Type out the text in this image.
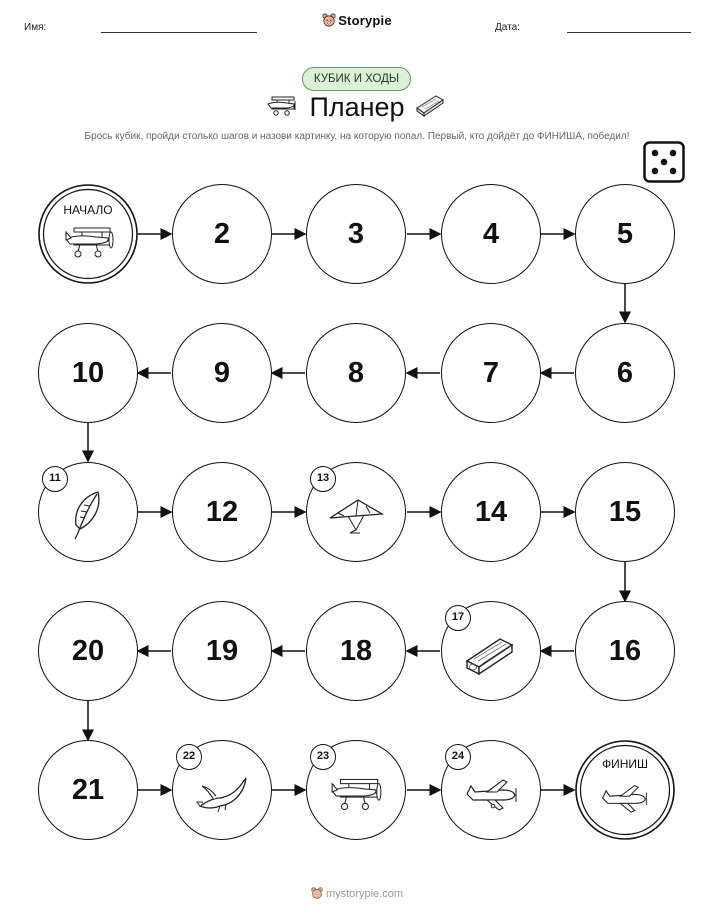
Имя:	Storypie	Дата:
КУБИК И ХОДЫ
Планер
Брось кубик, пройди столько шагов и назови картинку, на которую попал. Первый, кто дойдёт до ФИНИША, победил!
НАЧАЛО
2	3	4	5
6
7
8
9
10
11
12
13
14	15
16
17
18
19
20
21
22	23	24
ФИНИШ
mystorypie.com
